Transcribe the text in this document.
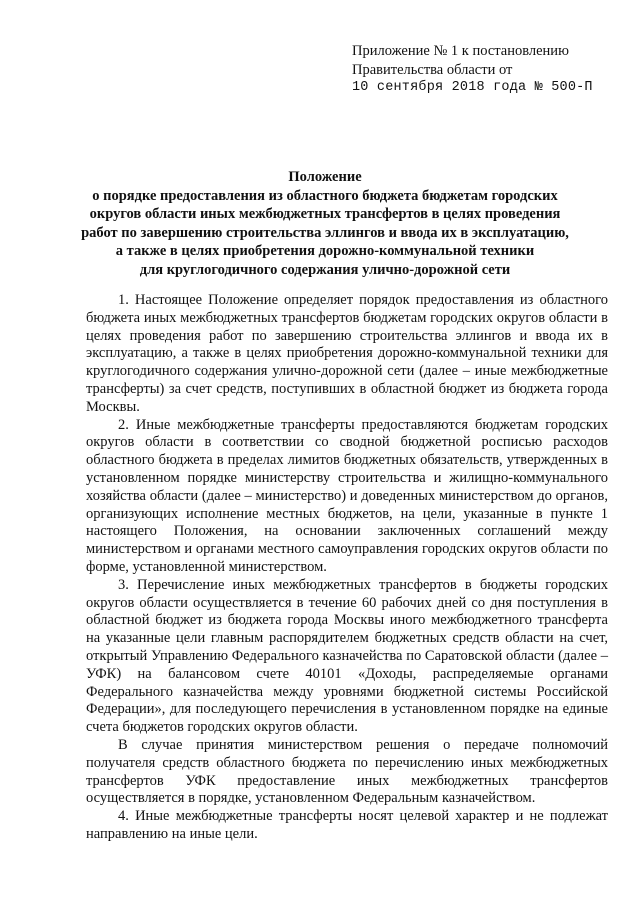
Приложение № 1 к постановлению
Правительства области от
10 сентября 2018 года № 500-П
Положение
о порядке предоставления из областного бюджета бюджетам городских
округов области иных межбюджетных трансфертов в целях проведения
работ по завершению строительства эллингов и ввода их в эксплуатацию,
а также в целях приобретения дорожно-коммунальной техники
для круглогодичного содержания улично-дорожной сети

1. Настоящее Положение определяет порядок предоставления из областного бюджета иных межбюджетных трансфертов бюджетам городских округов области в целях проведения работ по завершению строительства эллингов и ввода их в эксплуатацию, а также в целях приобретения дорожно-коммунальной техники для круглогодичного содержания улично-дорожной сети (далее – иные межбюджетные трансферты) за счет средств, поступивших в областной бюджет из бюджета города Москвы.

2. Иные межбюджетные трансферты предоставляются бюджетам городских округов области в соответствии со сводной бюджетной росписью расходов областного бюджета в пределах лимитов бюджетных обязательств, утвержденных в установленном порядке министерству строительства и жилищно-коммунального хозяйства области (далее – министерство) и доведенных министерством до органов, организующих исполнение местных бюджетов, на цели, указанные в пункте 1 настоящего Положения, на основании заключенных соглашений между министерством и органами местного самоуправления городских округов области по форме, установленной министерством.

3. Перечисление иных межбюджетных трансфертов в бюджеты городских округов области осуществляется в течение 60 рабочих дней со дня поступления в областной бюджет из бюджета города Москвы иного межбюджетного трансферта на указанные цели главным распорядителем бюджетных средств области на счет, открытый Управлению Федерального казначейства по Саратовской области (далее – УФК) на балансовом счете 40101 «Доходы, распределяемые органами Федерального казначейства между уровнями бюджетной системы Российской Федерации», для последующего перечисления в установленном порядке на единые счета бюджетов городских округов области.

В случае принятия министерством решения о передаче полномочий получателя средств областного бюджета по перечислению иных межбюджетных трансфертов УФК предоставление иных межбюджетных трансфертов осуществляется в порядке, установленном Федеральным казначейством.

4. Иные межбюджетные трансферты носят целевой характер и не подлежат направлению на иные цели.
